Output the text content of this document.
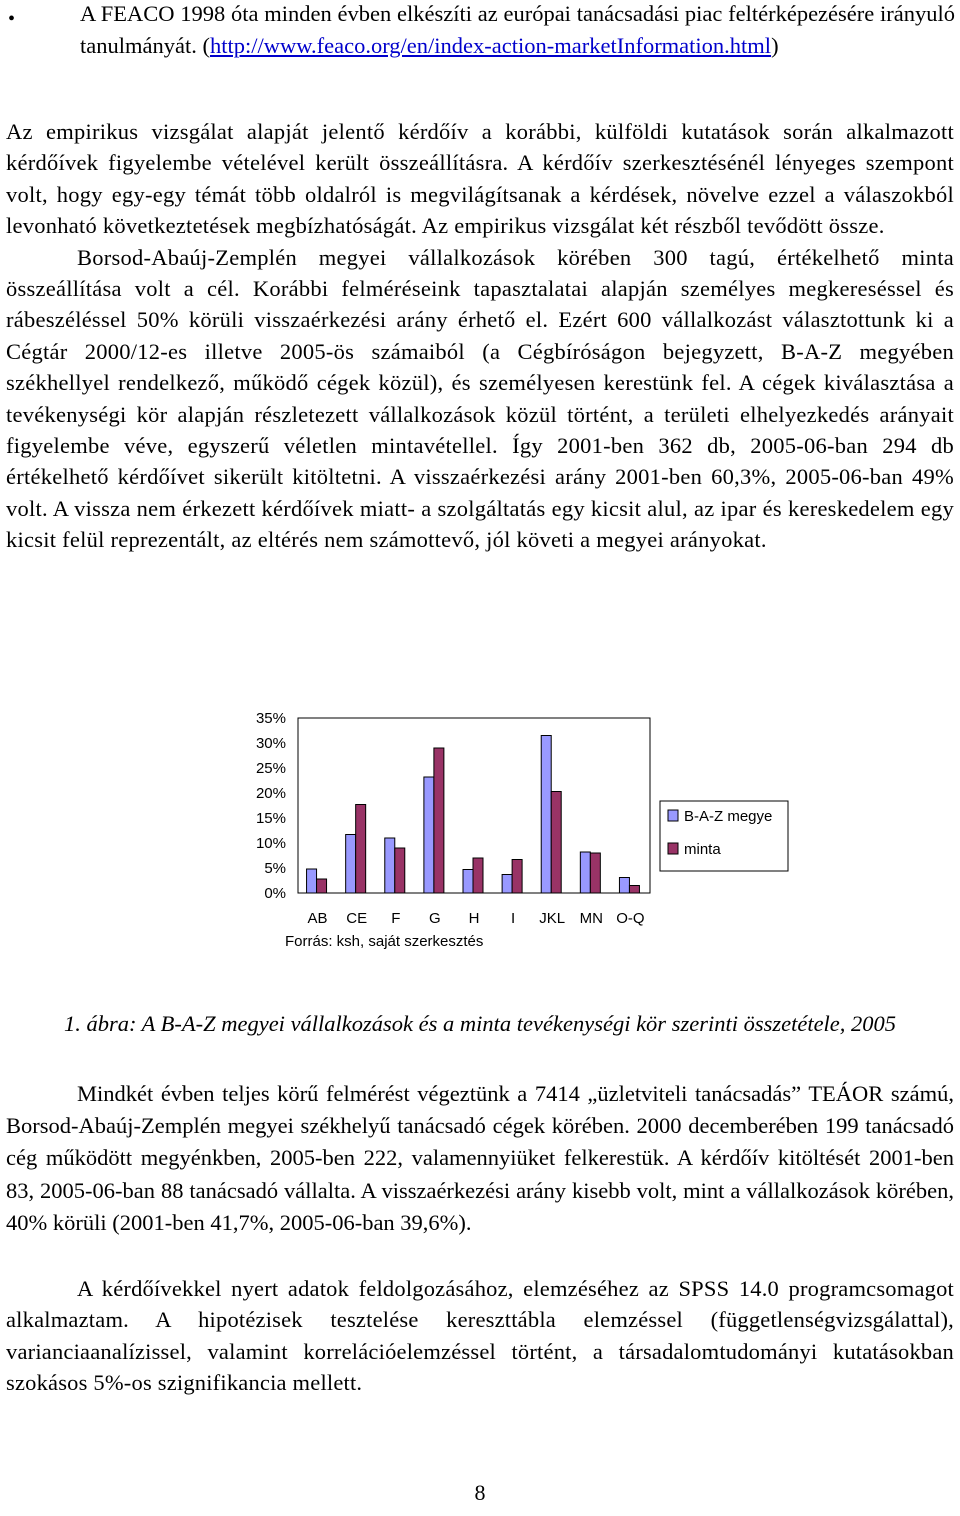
•	A FEACO 1998 óta minden évben elkészíti az európai tanácsadási piac feltérképezésére irányuló tanulmányát. (http://www.feaco.org/en/index-action-marketInformation.html)
Az empirikus vizsgálat alapját jelentő kérdőív a korábbi, külföldi kutatások során alkalmazott kérdőívek figyelembe vételével került összeállításra. A kérdőív szerkesztésénél lényeges szempont volt, hogy egy-egy témát több oldalról is megvilágítsanak a kérdések, növelve ezzel a válaszokból levonható következtetések megbízhatóságát. Az empirikus vizsgálat két részből tevődött össze.
Borsod-Abaúj-Zemplén megyei vállalkozások körében 300 tagú, értékelhető minta összeállítása volt a cél. Korábbi felméréseink tapasztalatai alapján személyes megkereséssel és rábeszéléssel 50% körüli visszaérkezési arány érhető el. Ezért 600 vállalkozást választottunk ki a Cégtár 2000/12-es illetve 2005-ös számaiból (a Cégbíróságon bejegyzett, B-A-Z megyében székhellyel rendelkező, működő cégek közül), és személyesen kerestünk fel. A cégek kiválasztása a tevékenységi kör alapján részletezett vállalkozások közül történt, a területi elhelyezkedés arányait figyelembe véve, egyszerű véletlen mintavétellel. Így 2001-ben 362 db, 2005-06-ban 294 db értékelhető kérdőívet sikerült kitöltetni. A visszaérkezési arány 2001-ben 60,3%, 2005-06-ban 49% volt. A vissza nem érkezett kérdőívek miatt- a szolgáltatás egy kicsit alul, az ipar és kereskedelem egy kicsit felül reprezentált, az eltérés nem számottevő, jól követi a megyei arányokat.
35%
30%
25%
20%
15%
10%
5%
0%
AB CE F G H I JKL MN O-Q
B-A-Z megye
minta
Forrás: ksh, saját szerkesztés
1. ábra: A B-A-Z megyei vállalkozások és a minta tevékenységi kör szerinti összetétele, 2005
Mindkét évben teljes körű felmérést végeztünk a 7414 „üzletviteli tanácsadás” TEÁOR számú, Borsod-Abaúj-Zemplén megyei székhelyű tanácsadó cégek körében. 2000 decemberében 199 tanácsadó cég működött megyénkben, 2005-ben 222, valamennyiüket felkerestük. A kérdőív kitöltését 2001-ben 83, 2005-06-ban 88 tanácsadó vállalta. A visszaérkezési arány kisebb volt, mint a vállalkozások körében, 40% körüli (2001-ben 41,7%, 2005-06-ban 39,6%).
A kérdőívekkel nyert adatok feldolgozásához, elemzéséhez az SPSS 14.0 programcsomagot alkalmaztam. A hipotézisek tesztelése kereszttábla elemzéssel (függetlenségvizsgálattal), varianciaanalízissel, valamint korrelációelemzéssel történt, a társadalomtudományi kutatásokban szokásos 5%-os szignifikancia mellett.
8
